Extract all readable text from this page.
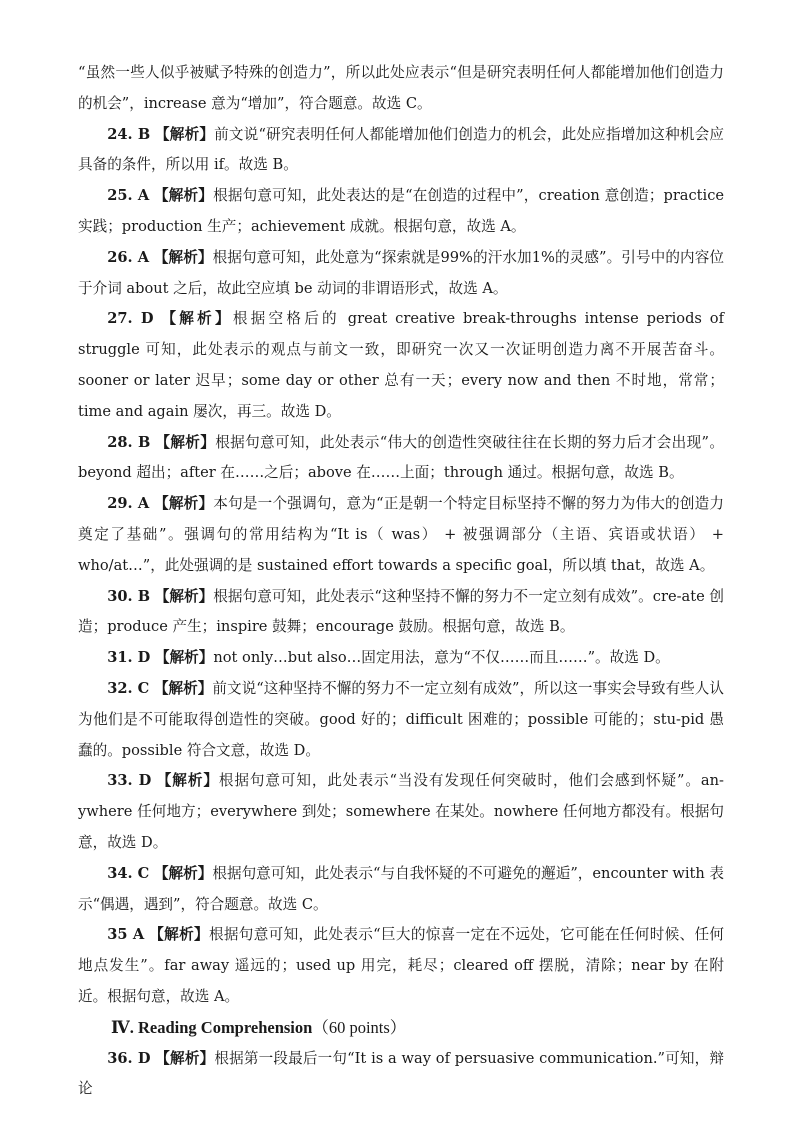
“虽然一些人似乎被赋予特殊的创造力”，所以此处应表示“但是研究表明任何人都能增加他们创造力的机会”，increase 意为“增加”，符合题意。故选 C。

24. B 【解析】前文说“研究表明任何人都能增加他们创造力的机会，此处应指增加这种机会应具备的条件，所以用 if。故选 B。

25. A 【解析】根据句意可知，此处表达的是“在创造的过程中”，creation 意创造；practice 实践；production 生产；achievement 成就。根据句意，故选 A。

26. A 【解析】根据句意可知，此处意为“探索就是99%的汗水加1%的灵感”。引号中的内容位于介词 about 之后，故此空应填 be 动词的非谓语形式，故选 A。

27. D 【解析】根据空格后的 great creative break-throughs intense periods of struggle 可知，此处表示的观点与前文一致，即研究一次又一次证明创造力离不开展苦奋斗。sooner or later 迟早；some day or other 总有一天；every now and then 不时地，常常；time and again 屡次，再三。故选 D。

28. B 【解析】根据句意可知，此处表示“伟大的创造性突破往往在长期的努力后才会出现”。beyond 超出；after 在……之后；above 在……上面；through 通过。根据句意，故选 B。

29. A 【解析】本句是一个强调句，意为“正是朝一个特定目标坚持不懈的努力为伟大的创造力奠定了基础”。强调句的常用结构为“It is（ was） + 被强调部分（主语、宾语或状语） + who/at…”，此处强调的是 sustained effort towards a specific goal，所以填 that，故选 A。

30. B 【解析】根据句意可知，此处表示“这种坚持不懈的努力不一定立刻有成效”。cre-ate 创造；produce 产生；inspire 鼓舞；encourage 鼓励。根据句意，故选 B。

31. D 【解析】not only…but also…固定用法，意为“不仅……而且……”。故选 D。

32. C 【解析】前文说“这种坚持不懈的努力不一定立刻有成效”，所以这一事实会导致有些人认为他们是不可能取得创造性的突破。good 好的；difficult 困难的；possible 可能的；stu-pid 愚蠢的。possible 符合文意，故选 D。

33. D 【解析】根据句意可知，此处表示“当没有发现任何突破时，他们会感到怀疑”。an-ywhere 任何地方；everywhere 到处；somewhere 在某处。nowhere 任何地方都没有。根据句意，故选 D。

34. C 【解析】根据句意可知，此处表示“与自我怀疑的不可避免的邂逅”，encounter with 表示“偶遇，遇到”，符合题意。故选 C。

35 A 【解析】根据句意可知，此处表示“巨大的惊喜一定在不远处，它可能在任何时候、任何地点发生”。far away 遥远的；used up 用完，耗尽；cleared off 摆脱，清除；near by 在附近。根据句意，故选 A。

Ⅳ. Reading Comprehension（60 points）

36. D 【解析】根据第一段最后一句“It is a way of persuasive communication.”可知，辩论
